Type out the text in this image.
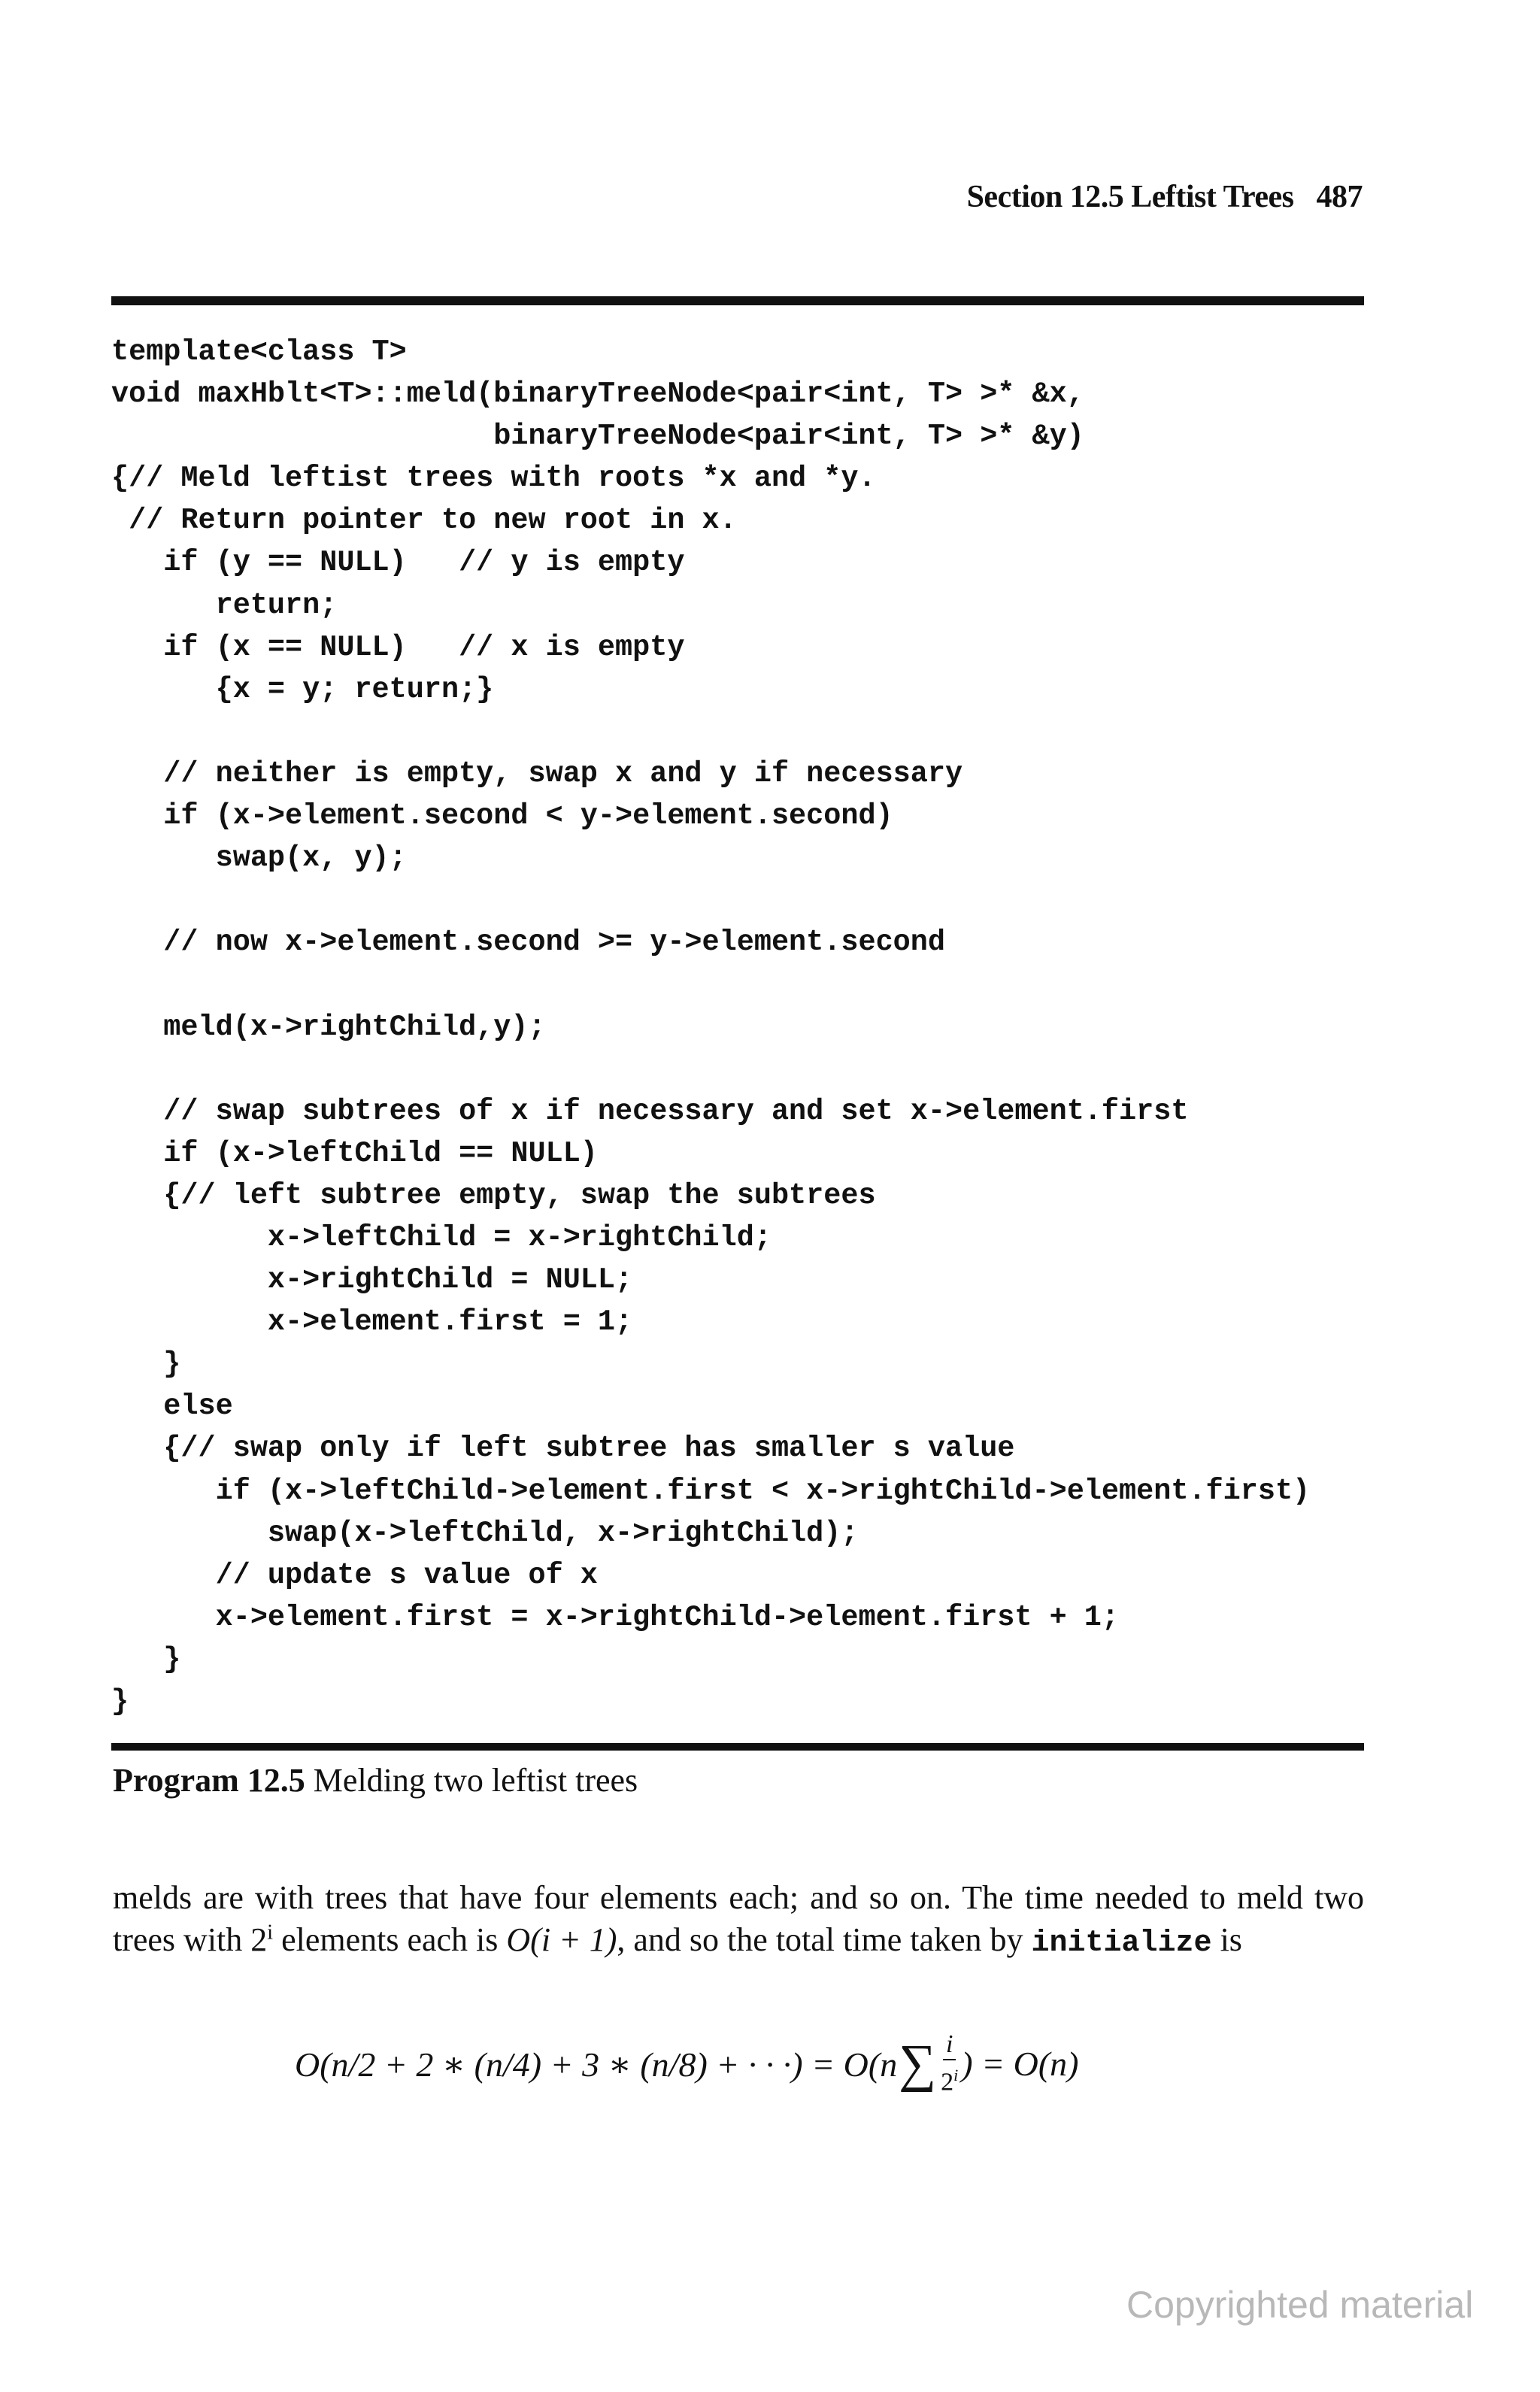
Section 12.5 Leftist Trees 487
template<class T>
void maxHblt<T>::meld(binaryTreeNode<pair<int, T> >* &x,
binaryTreeNode<pair<int, T> >* &y)
{// Meld leftist trees with roots *x and *y.
// Return pointer to new root in x.
if (y == NULL)   // y is empty
return;
if (x == NULL)   // x is empty
{x = y; return;}

// neither is empty, swap x and y if necessary
if (x->element.second < y->element.second)
swap(x, y);

// now x->element.second >= y->element.second

meld(x->rightChild,y);

// swap subtrees of x if necessary and set x->element.first
if (x->leftChild == NULL)
{// left subtree empty, swap the subtrees
x->leftChild = x->rightChild;
x->rightChild = NULL;
x->element.first = 1;
}
else
{// swap only if left subtree has smaller s value
if (x->leftChild->element.first < x->rightChild->element.first)
swap(x->leftChild, x->rightChild);
// update s value of x
x->element.first = x->rightChild->element.first + 1;
}
}
Program 12.5 Melding two leftist trees

melds are with trees that have four elements each; and so on. The time needed to meld two trees with 2$^i$ elements each is O(i + 1), and so the total time taken by initialize is

O(n/2 + 2 ∗ (n/4) + 3 ∗ (n/8) + · · ·) = O(n ∑ $\frac{i}{2^i}$ ) = O(n)
Copyrighted material
